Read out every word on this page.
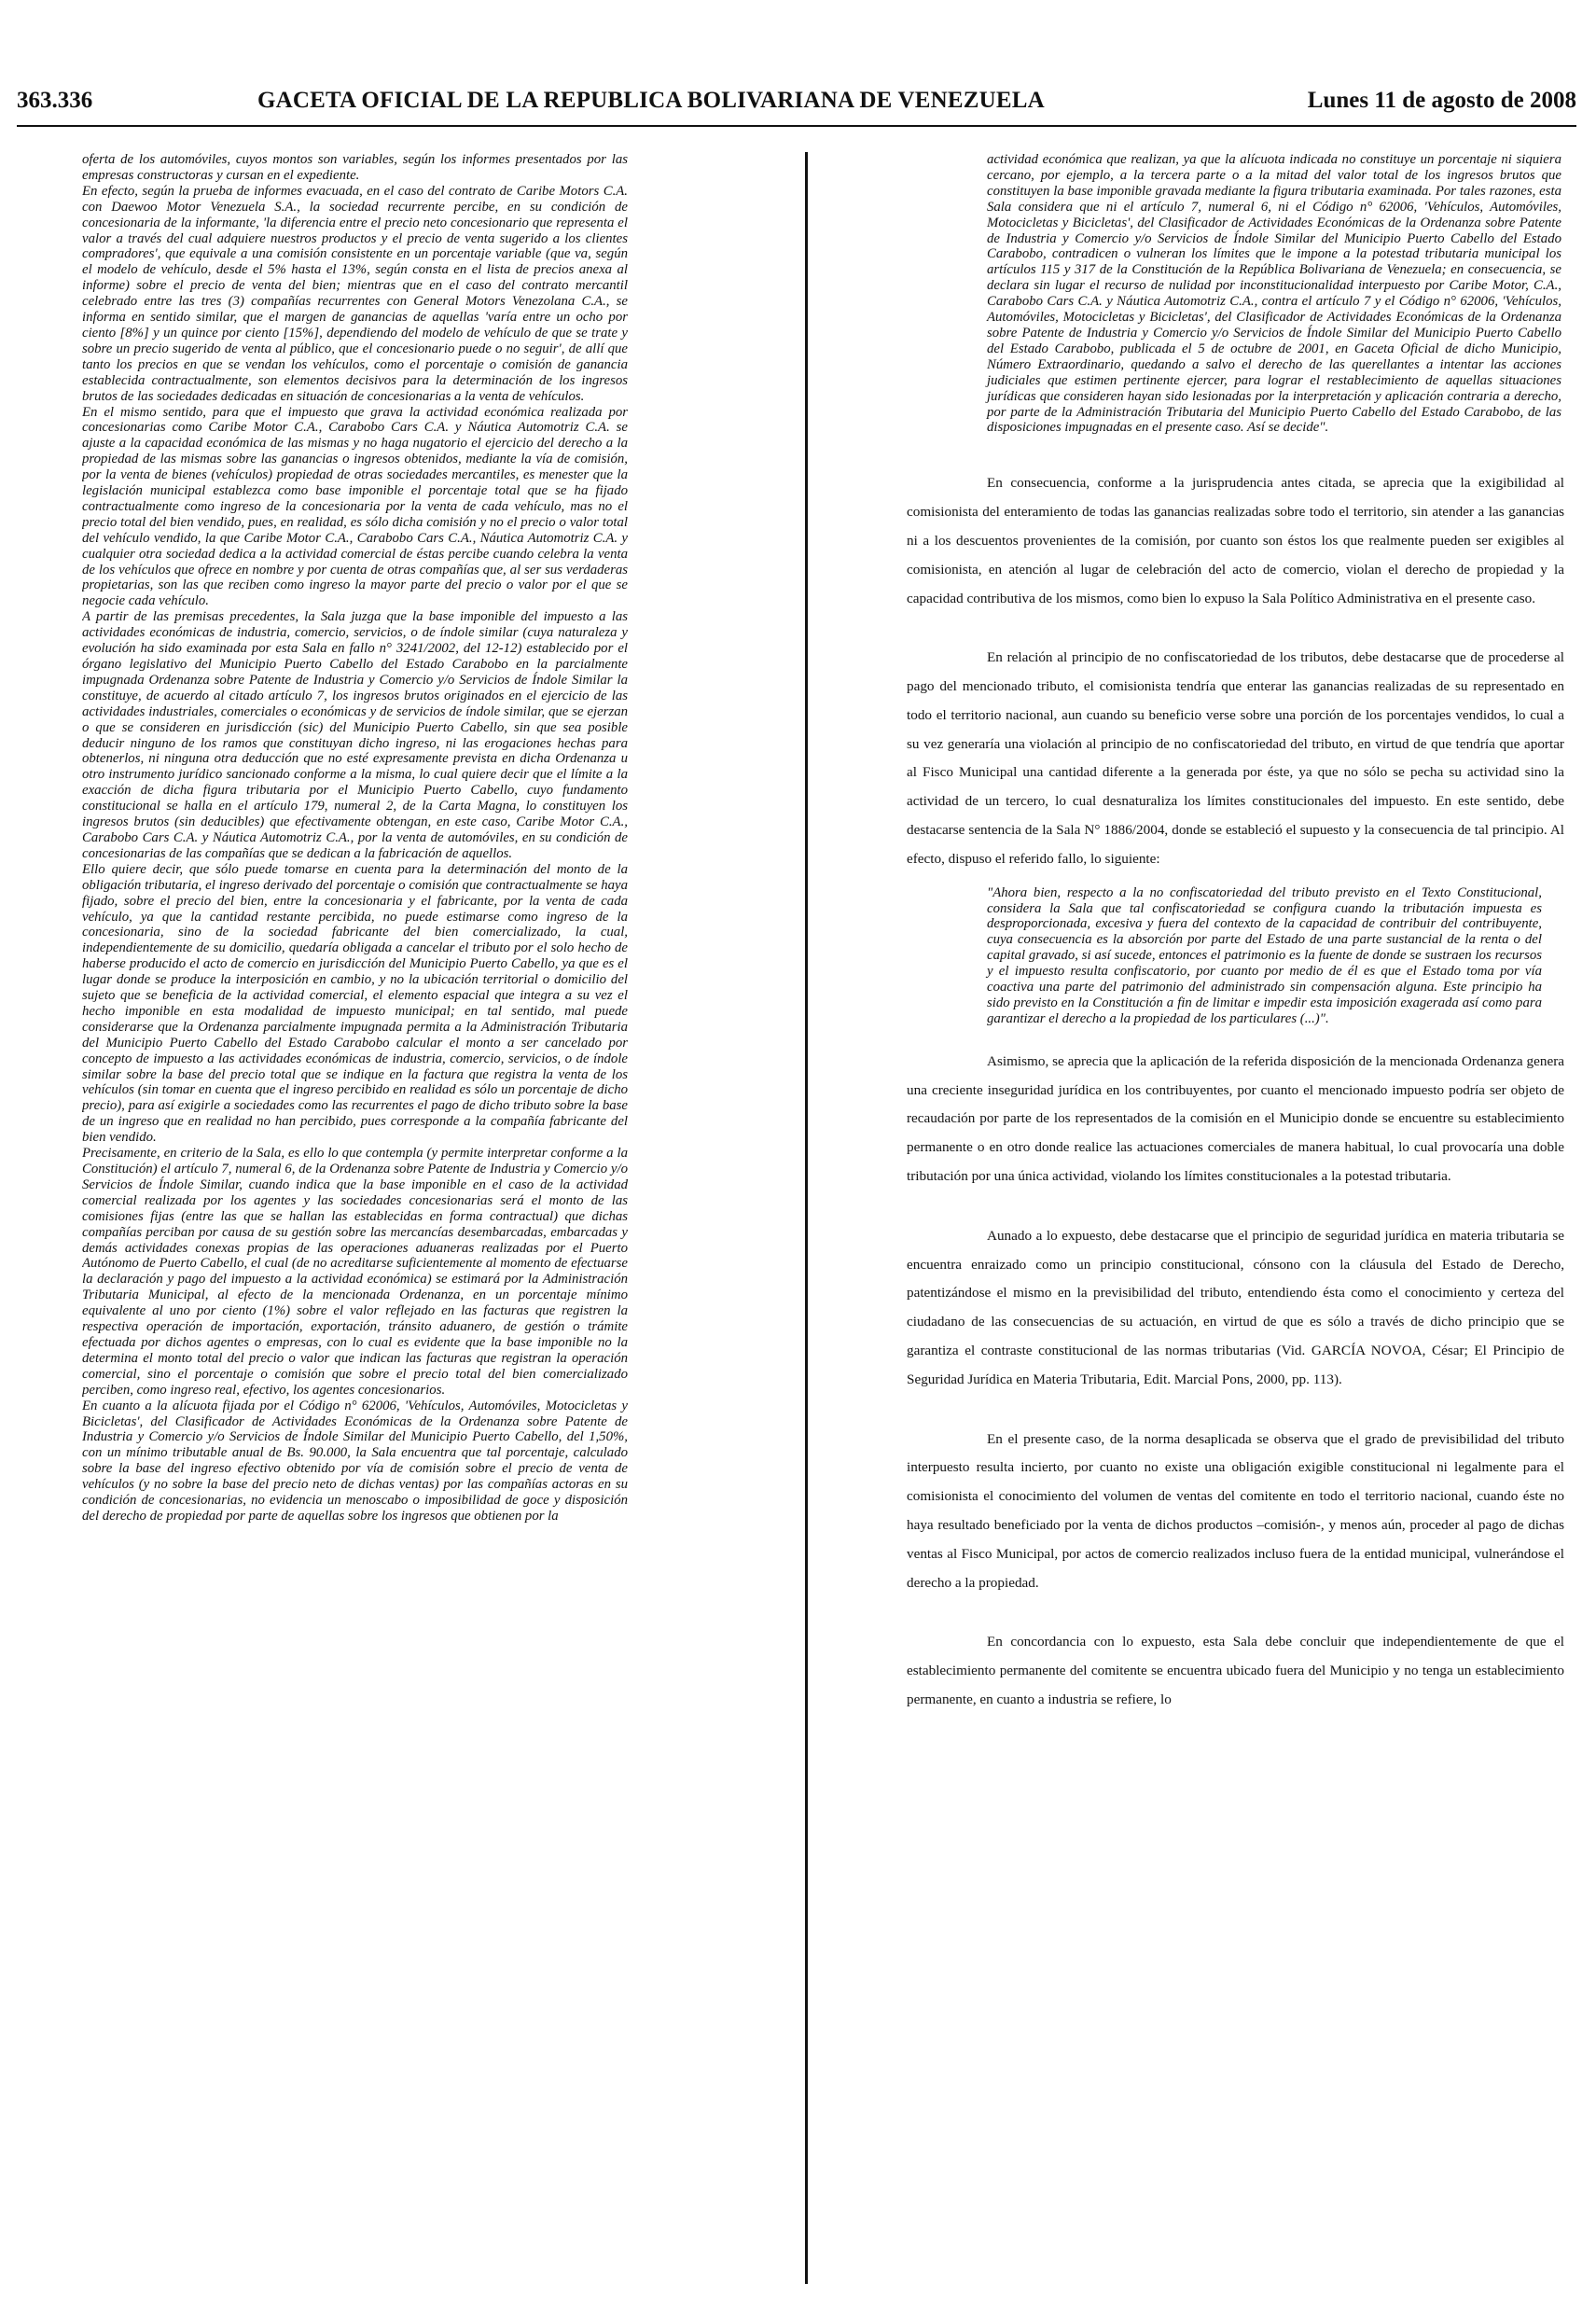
363.336	GACETA OFICIAL DE LA REPUBLICA BOLIVARIANA DE VENEZUELA	Lunes 11 de agosto de 2008

oferta de los automóviles, cuyos montos son variables, según los informes presentados por las empresas constructoras y cursan en el expediente.

En efecto, según la prueba de informes evacuada, en el caso del contrato de Caribe Motors C.A. con Daewoo Motor Venezuela S.A., la sociedad recurrente percibe, en su condición de concesionaria de la informante, 'la diferencia entre el precio neto concesionario que representa el valor a través del cual adquiere nuestros productos y el precio de venta sugerido a los clientes compradores', que equivale a una comisión consistente en un porcentaje variable (que va, según el modelo de vehículo, desde el 5% hasta el 13%, según consta en el lista de precios anexa al informe) sobre el precio de venta del bien; mientras que en el caso del contrato mercantil celebrado entre las tres (3) compañías recurrentes con General Motors Venezolana C.A., se informa en sentido similar, que el margen de ganancias de aquellas 'varía entre un ocho por ciento [8%] y un quince por ciento [15%], dependiendo del modelo de vehículo de que se trate y sobre un precio sugerido de venta al público, que el concesionario puede o no seguir', de allí que tanto los precios en que se vendan los vehículos, como el porcentaje o comisión de ganancia establecida contractualmente, son elementos decisivos para la determinación de los ingresos brutos de las sociedades dedicadas en situación de concesionarias a la venta de vehículos.

En el mismo sentido, para que el impuesto que grava la actividad económica realizada por concesionarias como Caribe Motor C.A., Carabobo Cars C.A. y Náutica Automotriz C.A. se ajuste a la capacidad económica de las mismas y no haga nugatorio el ejercicio del derecho a la propiedad de las mismas sobre las ganancias o ingresos obtenidos, mediante la vía de comisión, por la venta de bienes (vehículos) propiedad de otras sociedades mercantiles, es menester que la legislación municipal establezca como base imponible el porcentaje total que se ha fijado contractualmente como ingreso de la concesionaria por la venta de cada vehículo, mas no el precio total del bien vendido, pues, en realidad, es sólo dicha comisión y no el precio o valor total del vehículo vendido, la que Caribe Motor C.A., Carabobo Cars C.A., Náutica Automotriz C.A. y cualquier otra sociedad dedica a la actividad comercial de éstas percibe cuando celebra la venta de los vehículos que ofrece en nombre y por cuenta de otras compañías que, al ser sus verdaderas propietarias, son las que reciben como ingreso la mayor parte del precio o valor por el que se negocie cada vehículo.

A partir de las premisas precedentes, la Sala juzga que la base imponible del impuesto a las actividades económicas de industria, comercio, servicios, o de índole similar (cuya naturaleza y evolución ha sido examinada por esta Sala en fallo n° 3241/2002, del 12-12) establecido por el órgano legislativo del Municipio Puerto Cabello del Estado Carabobo en la parcialmente impugnada Ordenanza sobre Patente de Industria y Comercio y/o Servicios de Índole Similar la constituye, de acuerdo al citado artículo 7, los ingresos brutos originados en el ejercicio de las actividades industriales, comerciales o económicas y de servicios de índole similar, que se ejerzan o que se consideren en jurisdicción (sic) del Municipio Puerto Cabello, sin que sea posible deducir ninguno de los ramos que constituyan dicho ingreso, ni las erogaciones hechas para obtenerlos, ni ninguna otra deducción que no esté expresamente prevista en dicha Ordenanza u otro instrumento jurídico sancionado conforme a la misma, lo cual quiere decir que el límite a la exacción de dicha figura tributaria por el Municipio Puerto Cabello, cuyo fundamento constitucional se halla en el artículo 179, numeral 2, de la Carta Magna, lo constituyen los ingresos brutos (sin deducibles) que efectivamente obtengan, en este caso, Caribe Motor C.A., Carabobo Cars C.A. y Náutica Automotriz C.A., por la venta de automóviles, en su condición de concesionarias de las compañías que se dedican a la fabricación de aquellos.

Ello quiere decir, que sólo puede tomarse en cuenta para la determinación del monto de la obligación tributaria, el ingreso derivado del porcentaje o comisión que contractualmente se haya fijado, sobre el precio del bien, entre la concesionaria y el fabricante, por la venta de cada vehículo, ya que la cantidad restante percibida, no puede estimarse como ingreso de la concesionaria, sino de la sociedad fabricante del bien comercializado, la cual, independientemente de su domicilio, quedaría obligada a cancelar el tributo por el solo hecho de haberse producido el acto de comercio en jurisdicción del Municipio Puerto Cabello, ya que es el lugar donde se produce la interposición en cambio, y no la ubicación territorial o domicilio del sujeto que se beneficia de la actividad comercial, el elemento espacial que integra a su vez el hecho imponible en esta modalidad de impuesto municipal; en tal sentido, mal puede considerarse que la Ordenanza parcialmente impugnada permita a la Administración Tributaria del Municipio Puerto Cabello del Estado Carabobo calcular el monto a ser cancelado por concepto de impuesto a las actividades económicas de industria, comercio, servicios, o de índole similar sobre la base del precio total que se indique en la factura que registra la venta de los vehículos (sin tomar en cuenta que el ingreso percibido en realidad es sólo un porcentaje de dicho precio), para así exigirle a sociedades como las recurrentes el pago de dicho tributo sobre la base de un ingreso que en realidad no han percibido, pues corresponde a la compañía fabricante del bien vendido.

Precisamente, en criterio de la Sala, es ello lo que contempla (y permite interpretar conforme a la Constitución) el artículo 7, numeral 6, de la Ordenanza sobre Patente de Industria y Comercio y/o Servicios de Índole Similar, cuando indica que la base imponible en el caso de la actividad comercial realizada por los agentes y las sociedades concesionarias será el monto de las comisiones fijas (entre las que se hallan las establecidas en forma contractual) que dichas compañías perciban por causa de su gestión sobre las mercancías desembarcadas, embarcadas y demás actividades conexas propias de las operaciones aduaneras realizadas por el Puerto Autónomo de Puerto Cabello, el cual (de no acreditarse suficientemente al momento de efectuarse la declaración y pago del impuesto a la actividad económica) se estimará por la Administración Tributaria Municipal, al efecto de la mencionada Ordenanza, en un porcentaje mínimo equivalente al uno por ciento (1%) sobre el valor reflejado en las facturas que registren la respectiva operación de importación, exportación, tránsito aduanero, de gestión o trámite efectuada por dichos agentes o empresas, con lo cual es evidente que la base imponible no la determina el monto total del precio o valor que indican las facturas que registran la operación comercial, sino el porcentaje o comisión que sobre el precio total del bien comercializado perciben, como ingreso real, efectivo, los agentes concesionarios.

En cuanto a la alícuota fijada por el Código n° 62006, 'Vehículos, Automóviles, Motocicletas y Bicicletas', del Clasificador de Actividades Económicas de la Ordenanza sobre Patente de Industria y Comercio y/o Servicios de Índole Similar del Municipio Puerto Cabello, del 1,50%, con un mínimo tributable anual de Bs. 90.000, la Sala encuentra que tal porcentaje, calculado sobre la base del ingreso efectivo obtenido por vía de comisión sobre el precio de venta de vehículos (y no sobre la base del precio neto de dichas ventas) por las compañías actoras en su condición de concesionarias, no evidencia un menoscabo o imposibilidad de goce y disposición del derecho de propiedad por parte de aquellas sobre los ingresos que obtienen por la

actividad económica que realizan, ya que la alícuota indicada no constituye un porcentaje ni siquiera cercano, por ejemplo, a la tercera parte o a la mitad del valor total de los ingresos brutos que constituyen la base imponible gravada mediante la figura tributaria examinada. Por tales razones, esta Sala considera que ni el artículo 7, numeral 6, ni el Código n° 62006, 'Vehículos, Automóviles, Motocicletas y Bicicletas', del Clasificador de Actividades Económicas de la Ordenanza sobre Patente de Industria y Comercio y/o Servicios de Índole Similar del Municipio Puerto Cabello del Estado Carabobo, contradicen o vulneran los límites que le impone a la potestad tributaria municipal los artículos 115 y 317 de la Constitución de la República Bolivariana de Venezuela; en consecuencia, se declara sin lugar el recurso de nulidad por inconstitucionalidad interpuesto por Caribe Motor, C.A., Carabobo Cars C.A. y Náutica Automotriz C.A., contra el artículo 7 y el Código n° 62006, 'Vehículos, Automóviles, Motocicletas y Bicicletas', del Clasificador de Actividades Económicas de la Ordenanza sobre Patente de Industria y Comercio y/o Servicios de Índole Similar del Municipio Puerto Cabello del Estado Carabobo, publicada el 5 de octubre de 2001, en Gaceta Oficial de dicho Municipio, Número Extraordinario, quedando a salvo el derecho de las querellantes a intentar las acciones judiciales que estimen pertinente ejercer, para lograr el restablecimiento de aquellas situaciones jurídicas que consideren hayan sido lesionadas por la interpretación y aplicación contraria a derecho, por parte de la Administración Tributaria del Municipio Puerto Cabello del Estado Carabobo, de las disposiciones impugnadas en el presente caso. Así se decide".

En consecuencia, conforme a la jurisprudencia antes citada, se aprecia que la exigibilidad al comisionista del enteramiento de todas las ganancias realizadas sobre todo el territorio, sin atender a las ganancias ni a los descuentos provenientes de la comisión, por cuanto son éstos los que realmente pueden ser exigibles al comisionista, en atención al lugar de celebración del acto de comercio, violan el derecho de propiedad y la capacidad contributiva de los mismos, como bien lo expuso la Sala Político Administrativa en el presente caso.

En relación al principio de no confiscatoriedad de los tributos, debe destacarse que de procederse al pago del mencionado tributo, el comisionista tendría que enterar las ganancias realizadas de su representado en todo el territorio nacional, aun cuando su beneficio verse sobre una porción de los porcentajes vendidos, lo cual a su vez generaría una violación al principio de no confiscatoriedad del tributo, en virtud de que tendría que aportar al Fisco Municipal una cantidad diferente a la generada por éste, ya que no sólo se pecha su actividad sino la actividad de un tercero, lo cual desnaturaliza los límites constitucionales del impuesto. En este sentido, debe destacarse sentencia de la Sala N° 1886/2004, donde se estableció el supuesto y la consecuencia de tal principio. Al efecto, dispuso el referido fallo, lo siguiente:

"Ahora bien, respecto a la no confiscatoriedad del tributo previsto en el Texto Constitucional, considera la Sala que tal confiscatoriedad se configura cuando la tributación impuesta es desproporcionada, excesiva y fuera del contexto de la capacidad de contribuir del contribuyente, cuya consecuencia es la absorción por parte del Estado de una parte sustancial de la renta o del capital gravado, si así sucede, entonces el patrimonio es la fuente de donde se sustraen los recursos y el impuesto resulta confiscatorio, por cuanto por medio de él es que el Estado toma por vía coactiva una parte del patrimonio del administrado sin compensación alguna. Este principio ha sido previsto en la Constitución a fin de limitar e impedir esta imposición exagerada así como para garantizar el derecho a la propiedad de los particulares (...)".

Asimismo, se aprecia que la aplicación de la referida disposición de la mencionada Ordenanza genera una creciente inseguridad jurídica en los contribuyentes, por cuanto el mencionado impuesto podría ser objeto de recaudación por parte de los representados de la comisión en el Municipio donde se encuentre su establecimiento permanente o en otro donde realice las actuaciones comerciales de manera habitual, lo cual provocaría una doble tributación por una única actividad, violando los límites constitucionales a la potestad tributaria.

Aunado a lo expuesto, debe destacarse que el principio de seguridad jurídica en materia tributaria se encuentra enraizado como un principio constitucional, cónsono con la cláusula del Estado de Derecho, patentizándose el mismo en la previsibilidad del tributo, entendiendo ésta como el conocimiento y certeza del ciudadano de las consecuencias de su actuación, en virtud de que es sólo a través de dicho principio que se garantiza el contraste constitucional de las normas tributarias (Vid. GARCÍA NOVOA, César; El Principio de Seguridad Jurídica en Materia Tributaria, Edit. Marcial Pons, 2000, pp. 113).

En el presente caso, de la norma desaplicada se observa que el grado de previsibilidad del tributo interpuesto resulta incierto, por cuanto no existe una obligación exigible constitucional ni legalmente para el comisionista el conocimiento del volumen de ventas del comitente en todo el territorio nacional, cuando éste no haya resultado beneficiado por la venta de dichos productos –comisión-, y menos aún, proceder al pago de dichas ventas al Fisco Municipal, por actos de comercio realizados incluso fuera de la entidad municipal, vulnerándose el derecho a la propiedad.

En concordancia con lo expuesto, esta Sala debe concluir que independientemente de que el establecimiento permanente del comitente se encuentra ubicado fuera del Municipio y no tenga un establecimiento permanente, en cuanto a industria se refiere, lo
